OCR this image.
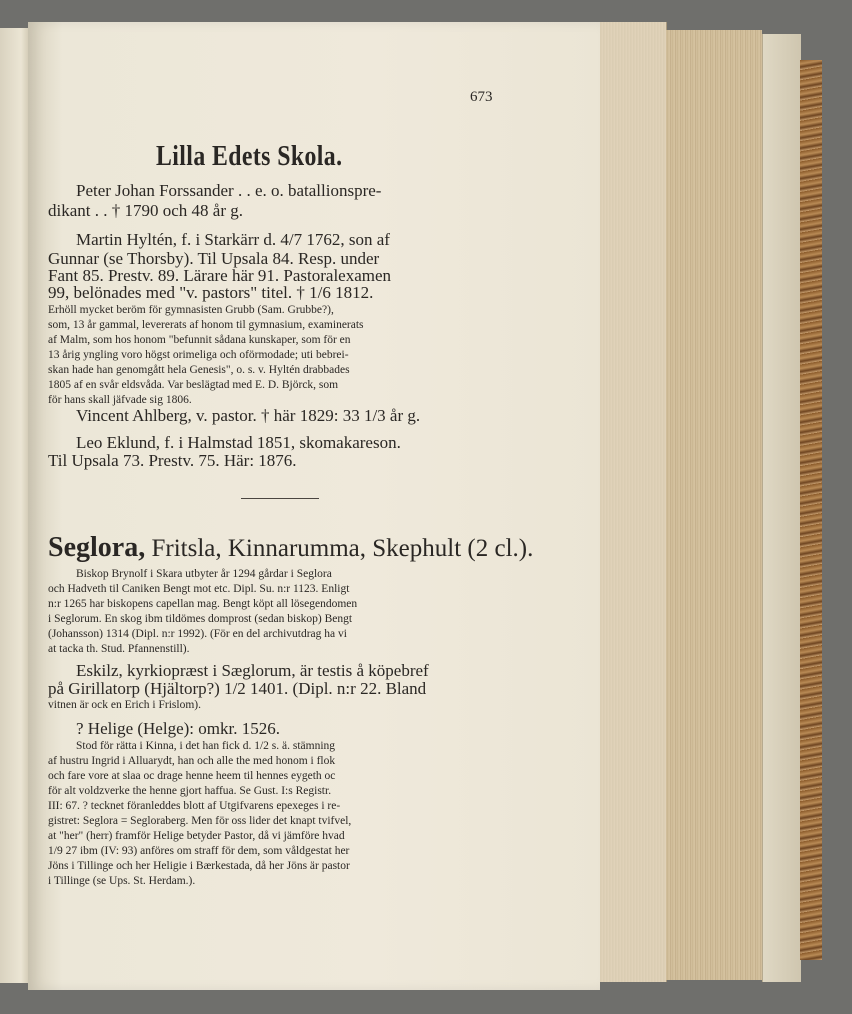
673
Lilla Edets Skola.
Peter Johan Forssander . . e. o. batallionspre-
dikant . . † 1790 och 48 år g.
Martin Hyltén, f. i Starkärr d. 4/7 1762, son af
Gunnar (se Thorsby). Til Upsala 84. Resp. under
Fant 85. Prestv. 89. Lärare här 91. Pastoralexamen
99, belönades med "v. pastors" titel. † 1/6 1812.
Erhöll mycket beröm för gymnasisten Grubb (Sam. Grubbe?),
som, 13 år gammal, levererats af honom til gymnasium, examinerats
af Malm, som hos honom "befunnit sådana kunskaper, som för en
13 årig yngling voro högst orimeliga och oförmodade; uti bebrei-
skan hade han genomgått hela Genesis", o. s. v. Hyltén drabbades
1805 af en svår eldsvåda. Var beslägtad med E. D. Björck, som
för hans skall jäfvade sig 1806.
Vincent Ahlberg, v. pastor. † här 1829: 33 1/3 år g.
Leo Eklund, f. i Halmstad 1851, skomakareson.
Til Upsala 73. Prestv. 75. Här: 1876.
Seglora, Fritsla, Kinnarumma, Skephult (2 cl.).
Biskop Brynolf i Skara utbyter år 1294 gårdar i Seglora
och Hadveth til Caniken Bengt mot etc. Dipl. Su. n:r 1123. Enligt
n:r 1265 har biskopens capellan mag. Bengt köpt all lösegendomen
i Seglorum. En skog ibm tildömes domprost (sedan biskop) Bengt
(Johansson) 1314 (Dipl. n:r 1992). (För en del archivutdrag ha vi
at tacka th. Stud. Pfannenstill).
Eskilz, kyrkiopræst i Sæglorum, är testis å köpebref
på Girillatorp (Hjältorp?) 1/2 1401. (Dipl. n:r 22. Bland
vitnen är ock en Erich i Frislom).
? Helige (Helge): omkr. 1526.
Stod för rätta i Kinna, i det han fick d. 1/2 s. ä. stämning
af hustru Ingrid i Alluarydt, han och alle the med honom i flok
och fare vore at slaa oc drage henne heem til hennes eygeth oc
för alt voldzverke the henne gjort haffua. Se Gust. I:s Registr.
III: 67. ? tecknet föranleddes blott af Utgifvarens epexeges i re-
gistret: Seglora = Segloraberg. Men för oss lider det knapt tvifvel,
at "her" (herr) framför Helige betyder Pastor, då vi jämföre hvad
1/9 27 ibm (IV: 93) anföres om straff för dem, som våldgestat her
Jöns i Tillinge och her Heligie i Bærkestada, då her Jöns är pastor
i Tillinge (se Ups. St. Herdam.).
